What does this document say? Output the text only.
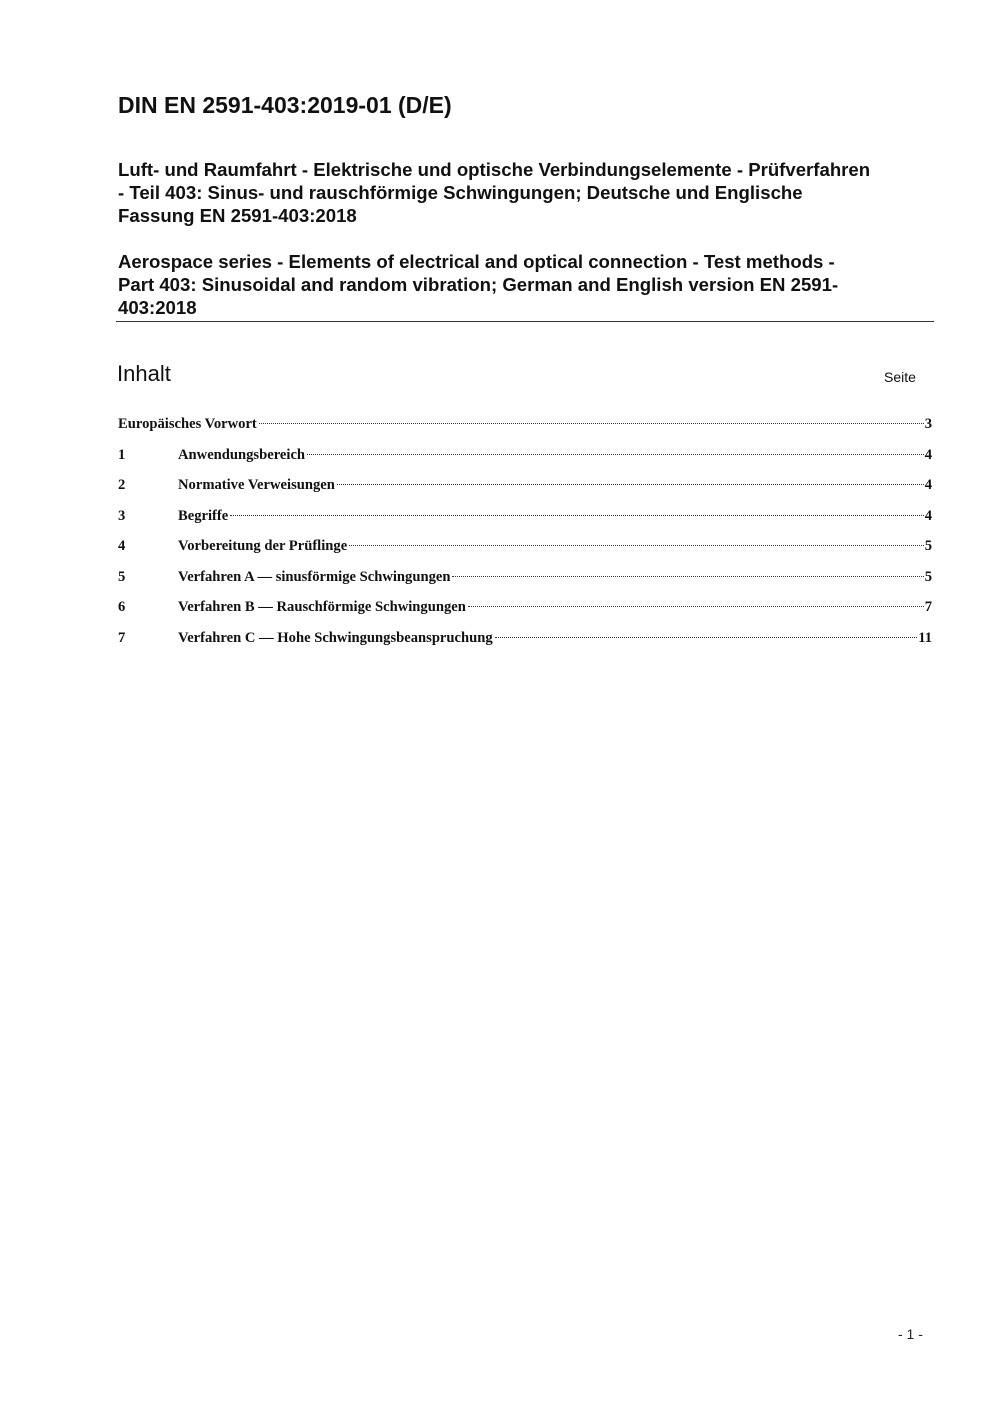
DIN EN 2591-403:2019-01 (D/E)
Luft- und Raumfahrt - Elektrische und optische Verbindungselemente - Prüfverfahren
- Teil 403: Sinus- und rauschförmige Schwingungen; Deutsche und Englische
Fassung EN 2591-403:2018
Aerospace series - Elements of electrical and optical connection - Test methods -
Part 403: Sinusoidal and random vibration; German and English version EN 2591-
403:2018
Inhalt	Seite
Europäisches Vorwort	3
1	Anwendungsbereich	4
2	Normative Verweisungen	4
3	Begriffe	4
4	Vorbereitung der Prüflinge	5
5	Verfahren A — sinusförmige Schwingungen	5
6	Verfahren B — Rauschförmige Schwingungen	7
7	Verfahren C — Hohe Schwingungsbeanspruchung	11
- 1 -
